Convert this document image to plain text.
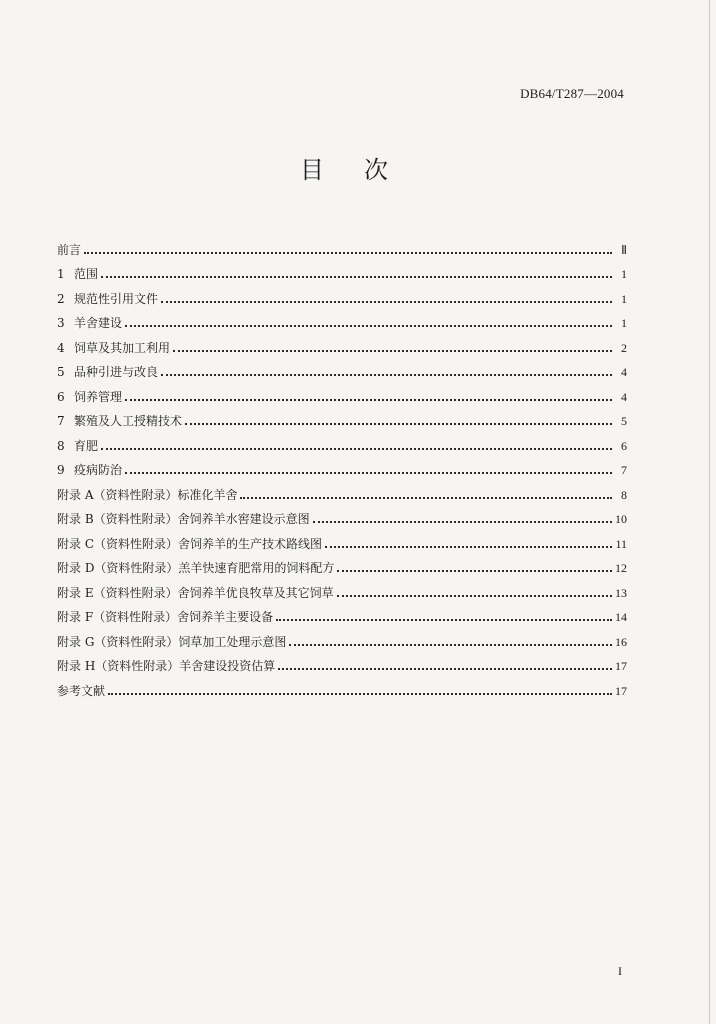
DB64/T287—2004
目 次
前言	Ⅱ
1 范围	1
2 规范性引用文件	1
3 羊舍建设	1
4 饲草及其加工利用	2
5 品种引进与改良	4
6 饲养管理	4
7 繁殖及人工授精技术	5
8 育肥	6
9 疫病防治	7
附录 A（资料性附录）标准化羊舍	8
附录 B（资料性附录）舍饲养羊水窖建设示意图	10
附录 C（资料性附录）舍饲养羊的生产技术路线图	11
附录 D（资料性附录）羔羊快速育肥常用的饲料配方	12
附录 E（资料性附录）舍饲养羊优良牧草及其它饲草	13
附录 F（资料性附录）舍饲养羊主要设备	14
附录 G（资料性附录）饲草加工处理示意图	16
附录 H（资料性附录）羊舍建设投资估算	17
参考文献	17
I
